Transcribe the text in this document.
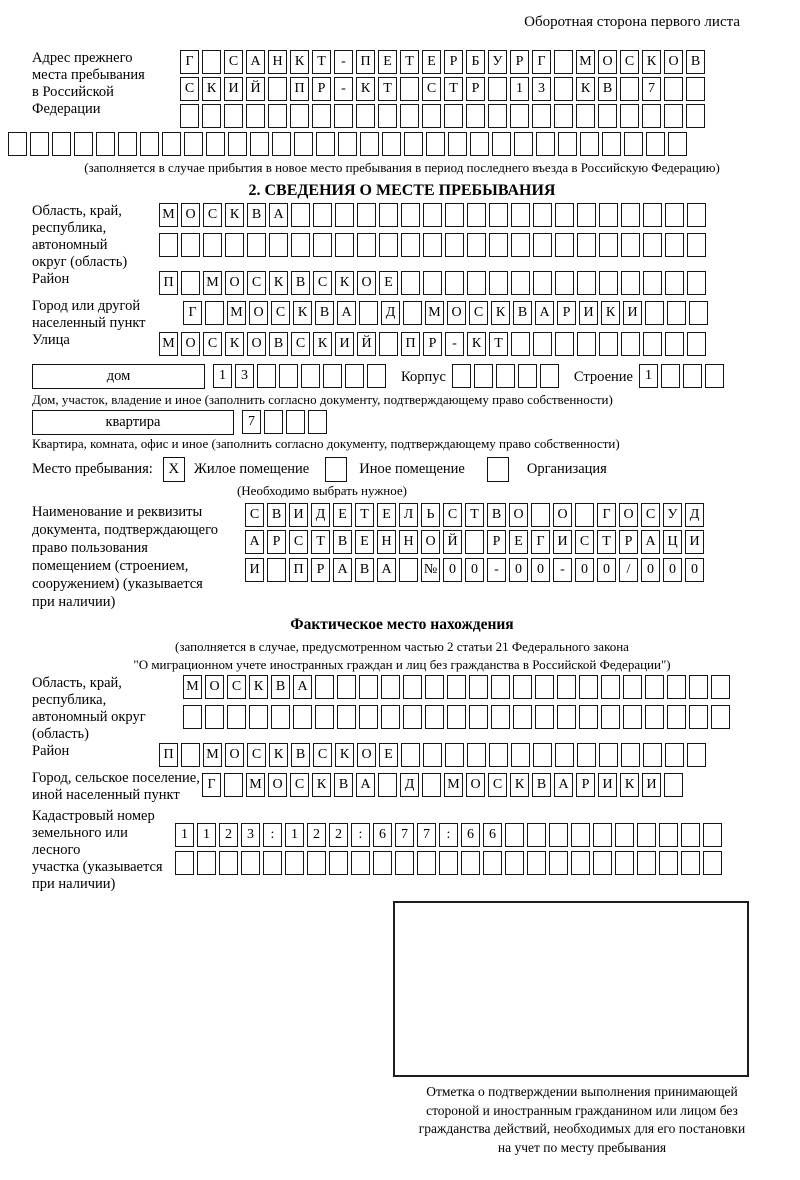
Оборотная сторона первого листа
Адрес прежнего
места пребывания
в Российской
Федерации
Г	С А Н К Т - П Е Т Е Р Б У Р Г М О С К О В
С К И Й П Р - К Т	С Т Р	1 3	К В	7
(заполняется в случае прибытия в новое место пребывания в период последнего въезда в Российскую Федерацию)
2. СВЕДЕНИЯ О МЕСТЕ ПРЕБЫВАНИЯ
Область, край,
республика,
автономный
округ (область)
М О С К В А
Район	П М О С К В С К О Е
Город или другой
населенный пункт
Г М О С К В А Д М О С К В А Р И К И
Улица	М О С К О В С К И Й П Р - К Т
дом	1 3	Корпус	Строение 1
Дом, участок, владение и иное (заполнить согласно документу, подтверждающему право собственности)
квартира	7
Квартира, комната, офис и иное (заполнить согласно документу, подтверждающему право собственности)
Место пребывания:	X	Жилое помещение	Иное помещение	Организация
(Необходимо выбрать нужное)
Наименование и реквизиты
документа, подтверждающего
право пользования
помещением (строением,
сооружением) (указывается
при наличии)
С В И Д Е Т Е Л Ь С Т В О О Г О С У Д
А Р С Т В Е Н Н О Й	Р Е Г И С Т Р А Ц И
И П Р А В А № 0 0 - 0 0 - 0 0 / 0 0 0
Фактическое место нахождения
(заполняется в случае, предусмотренном частью 2 статьи 21 Федерального закона
"О миграционном учете иностранных граждан и лиц без гражданства в Российской Федерации")
Область, край,
республика,
автономный округ
(область)
М О С К В А
Район	П М О С К В С К О Е
Город, сельское поселение,
иной населенный пункт
Г М О С К В А Д М О С К В А Р И К И
Кадастровый номер
земельного или лесного
участка (указывается
при наличии)
1 1 2 3 : 1 2 2 : 6 7 7 : 6 6
Отметка о подтверждении выполнения принимающей
стороной и иностранным гражданином или лицом без
гражданства действий, необходимых для его постановки
на учет по месту пребывания
